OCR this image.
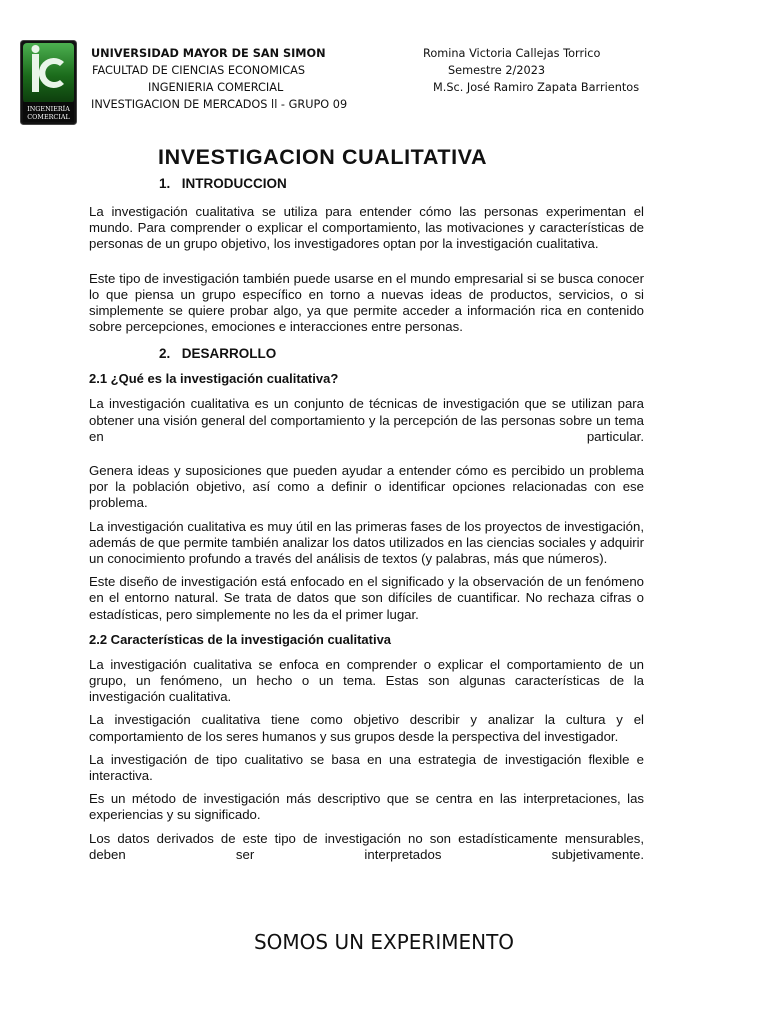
INGENIERÍA
COMERCIAL
UNIVERSIDAD MAYOR DE SAN SIMON
FACULTAD DE CIENCIAS ECONOMICAS
INGENIERIA COMERCIAL
INVESTIGACION DE MERCADOS ll - GRUPO 09
Romina Victoria Callejas Torrico
Semestre 2/2023
M.Sc. José Ramiro Zapata Barrientos
INVESTIGACION CUALITATIVA
1. INTRODUCCION

La investigación cualitativa se utiliza para entender cómo las personas experimentan el mundo. Para comprender o explicar el comportamiento, las motivaciones y características de personas de un grupo objetivo, los investigadores optan por la investigación cualitativa.

Este tipo de investigación también puede usarse en el mundo empresarial si se busca conocer lo que piensa un grupo específico en torno a nuevas ideas de productos, servicios, o si simplemente se quiere probar algo, ya que permite acceder a información rica en contenido sobre percepciones, emociones e interacciones entre personas.

2. DESARROLLO
2.1 ¿Qué es la investigación cualitativa?

La investigación cualitativa es un conjunto de técnicas de investigación que se utilizan para obtener una visión general del comportamiento y la percepción de las personas sobre un tema en particular.

Genera ideas y suposiciones que pueden ayudar a entender cómo es percibido un problema por la población objetivo, así como a definir o identificar opciones relacionadas con ese problema.

La investigación cualitativa es muy útil en las primeras fases de los proyectos de investigación, además de que permite también analizar los datos utilizados en las ciencias sociales y adquirir un conocimiento profundo a través del análisis de textos (y palabras, más que números).

Este diseño de investigación está enfocado en el significado y la observación de un fenómeno en el entorno natural. Se trata de datos que son difíciles de cuantificar. No rechaza cifras o estadísticas, pero simplemente no les da el primer lugar.

2.2 Características de la investigación cualitativa

La investigación cualitativa se enfoca en comprender o explicar el comportamiento de un grupo, un fenómeno, un hecho o un tema. Estas son algunas características de la investigación cualitativa.

La investigación cualitativa tiene como objetivo describir y analizar la cultura y el comportamiento de los seres humanos y sus grupos desde la perspectiva del investigador.

La investigación de tipo cualitativo se basa en una estrategia de investigación flexible e interactiva.

Es un método de investigación más descriptivo que se centra en las interpretaciones, las experiencias y su significado.

Los datos derivados de este tipo de investigación no son estadísticamente mensurables, deben ser interpretados subjetivamente.

SOMOS UN EXPERIMENTO
